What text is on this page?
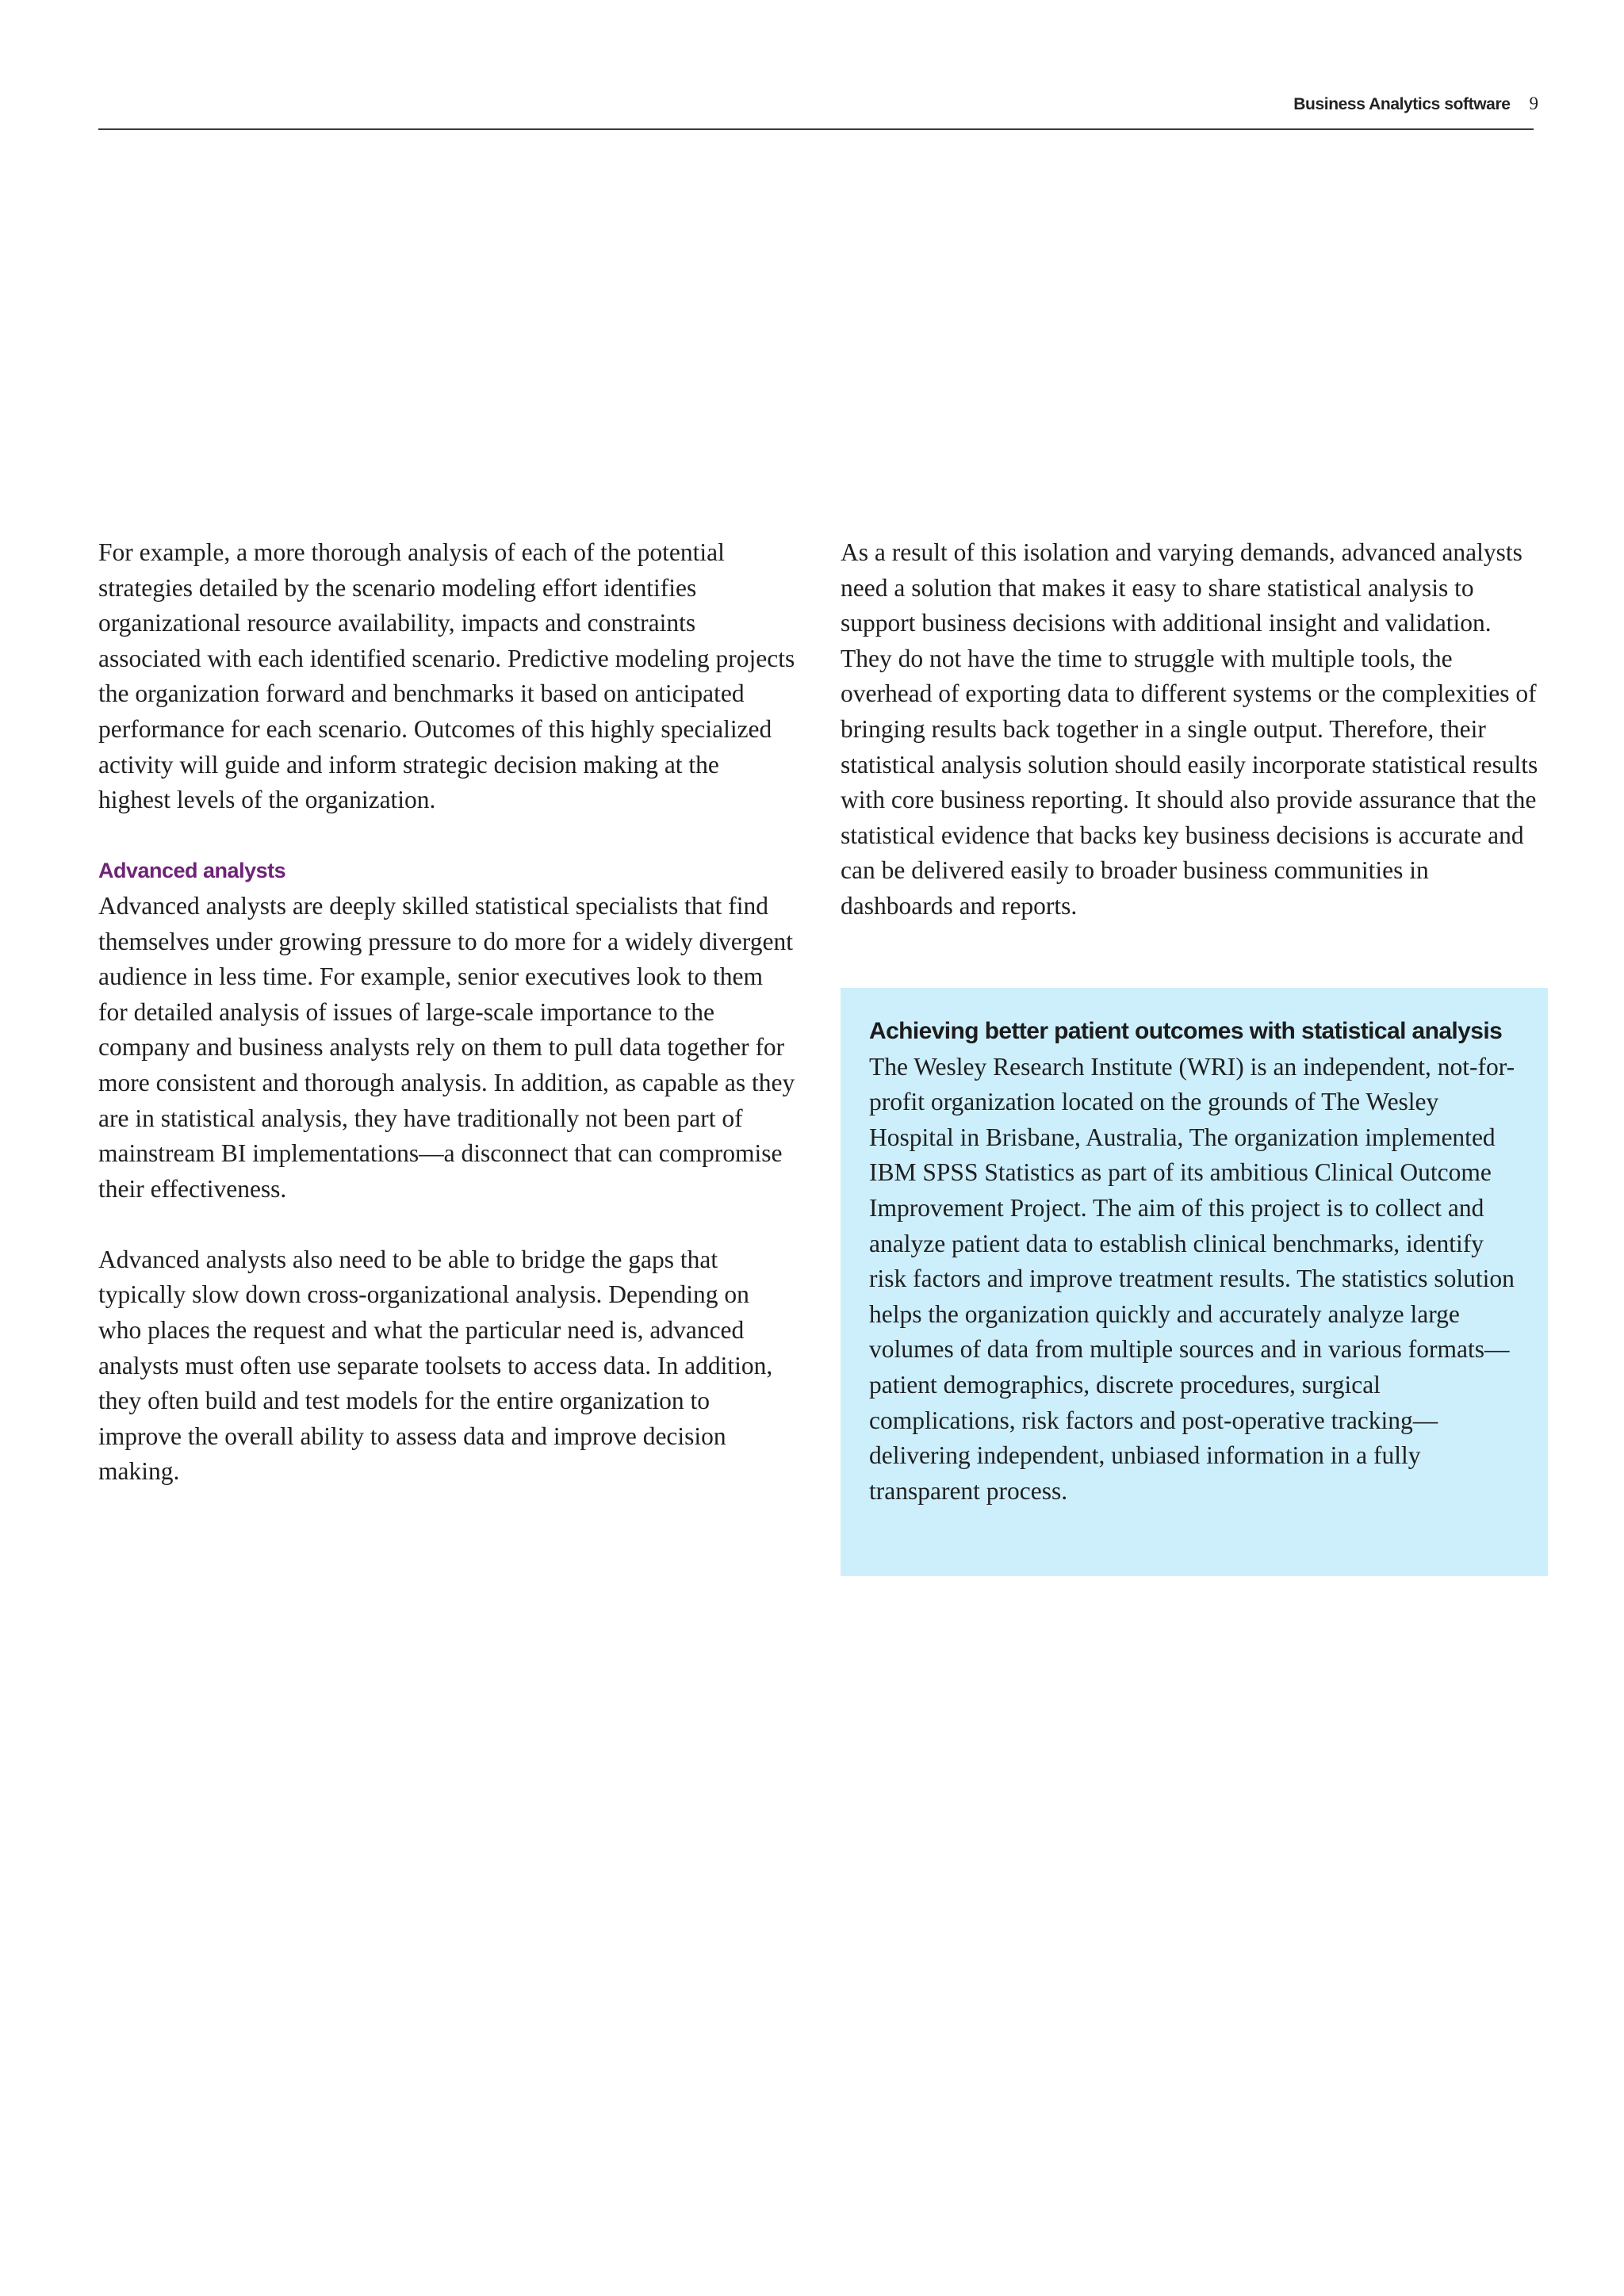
Business Analytics software 9

For example, a more thorough analysis of each of the potential strategies detailed by the scenario modeling effort identifies organizational resource availability, impacts and constraints associated with each identified scenario. Predictive modeling projects the organization forward and benchmarks it based on anticipated performance for each scenario. Outcomes of this highly specialized activity will guide and inform strategic decision making at the highest levels of the organization.

Advanced analysts

Advanced analysts are deeply skilled statistical specialists that find themselves under growing pressure to do more for a widely divergent audience in less time. For example, senior executives look to them for detailed analysis of issues of large-scale importance to the company and business analysts rely on them to pull data together for more consistent and thorough analysis. In addition, as capable as they are in statistical analysis, they have traditionally not been part of mainstream BI implementations—a disconnect that can compromise their effectiveness.

Advanced analysts also need to be able to bridge the gaps that typically slow down cross-organizational analysis. Depending on who places the request and what the particular need is, advanced analysts must often use separate toolsets to access data. In addition, they often build and test models for the entire organization to improve the overall ability to assess data and improve decision making.

As a result of this isolation and varying demands, advanced analysts need a solution that makes it easy to share statistical analysis to support business decisions with additional insight and validation. They do not have the time to struggle with multiple tools, the overhead of exporting data to different systems or the complexities of bringing results back together in a single output. Therefore, their statistical analysis solution should easily incorporate statistical results with core business reporting. It should also provide assurance that the statistical evidence that backs key business decisions is accurate and can be delivered easily to broader business communities in dashboards and reports.

Achieving better patient outcomes with statistical analysis

The Wesley Research Institute (WRI) is an independent, not-for-profit organization located on the grounds of The Wesley Hospital in Brisbane, Australia, The organization implemented IBM SPSS Statistics as part of its ambitious Clinical Outcome Improvement Project. The aim of this project is to collect and analyze patient data to establish clinical benchmarks, identify risk factors and improve treatment results. The statistics solution helps the organization quickly and accurately analyze large volumes of data from multiple sources and in various formats—patient demographics, discrete procedures, surgical complications, risk factors and post-operative tracking—delivering independent, unbiased information in a fully transparent process.
